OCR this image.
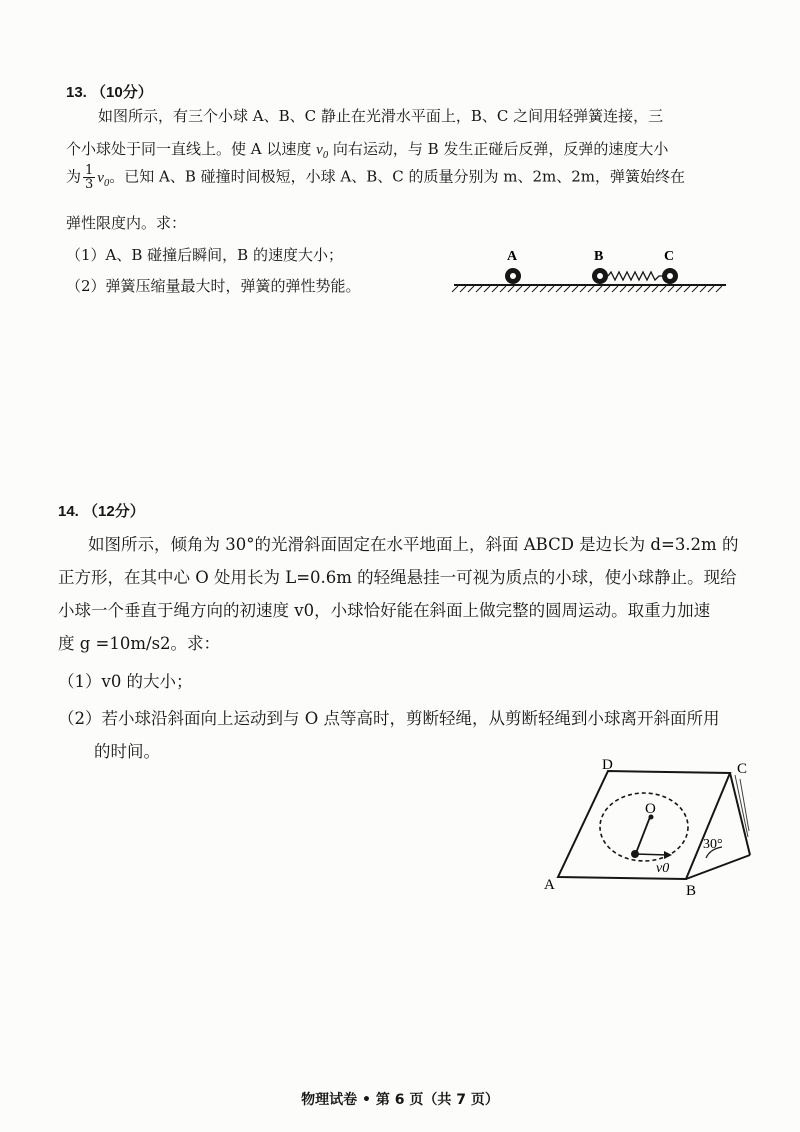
13. （10分）
如图所示，有三个小球 A、B、C 静止在光滑水平面上，B、C 之间用轻弹簧连接，三
个小球处于同一直线上。使 A 以速度 $v_0$ 向右运动，与 B 发生正碰后反弹，反弹的速度大小
为 $\frac{1}{3} v_0$。已知 A、B 碰撞时间极短，小球 A、B、C 的质量分别为 m、2m、2m，弹簧始终在
弹性限度内。求：
（1）A、B 碰撞后瞬间，B 的速度大小；
（2）弹簧压缩量最大时，弹簧的弹性势能。
A	B	C
14. （12分）
如图所示，倾角为 30°的光滑斜面固定在水平地面上，斜面 ABCD 是边长为 d=3.2m 的
正方形，在其中心 O 处用长为 L=0.6m 的轻绳悬挂一可视为质点的小球，使小球静止。现给
小球一个垂直于绳方向的初速度 v0，小球恰好能在斜面上做完整的圆周运动。取重力加速
度 g =10m/s2。求：
（1）v0 的大小；
（2）若小球沿斜面向上运动到与 O 点等高时，剪断轻绳，从剪断轻绳到小球离开斜面所用
的时间。
A	B
C
D
O
30°
v0
物理试卷 • 第 6 页（共 7 页）
